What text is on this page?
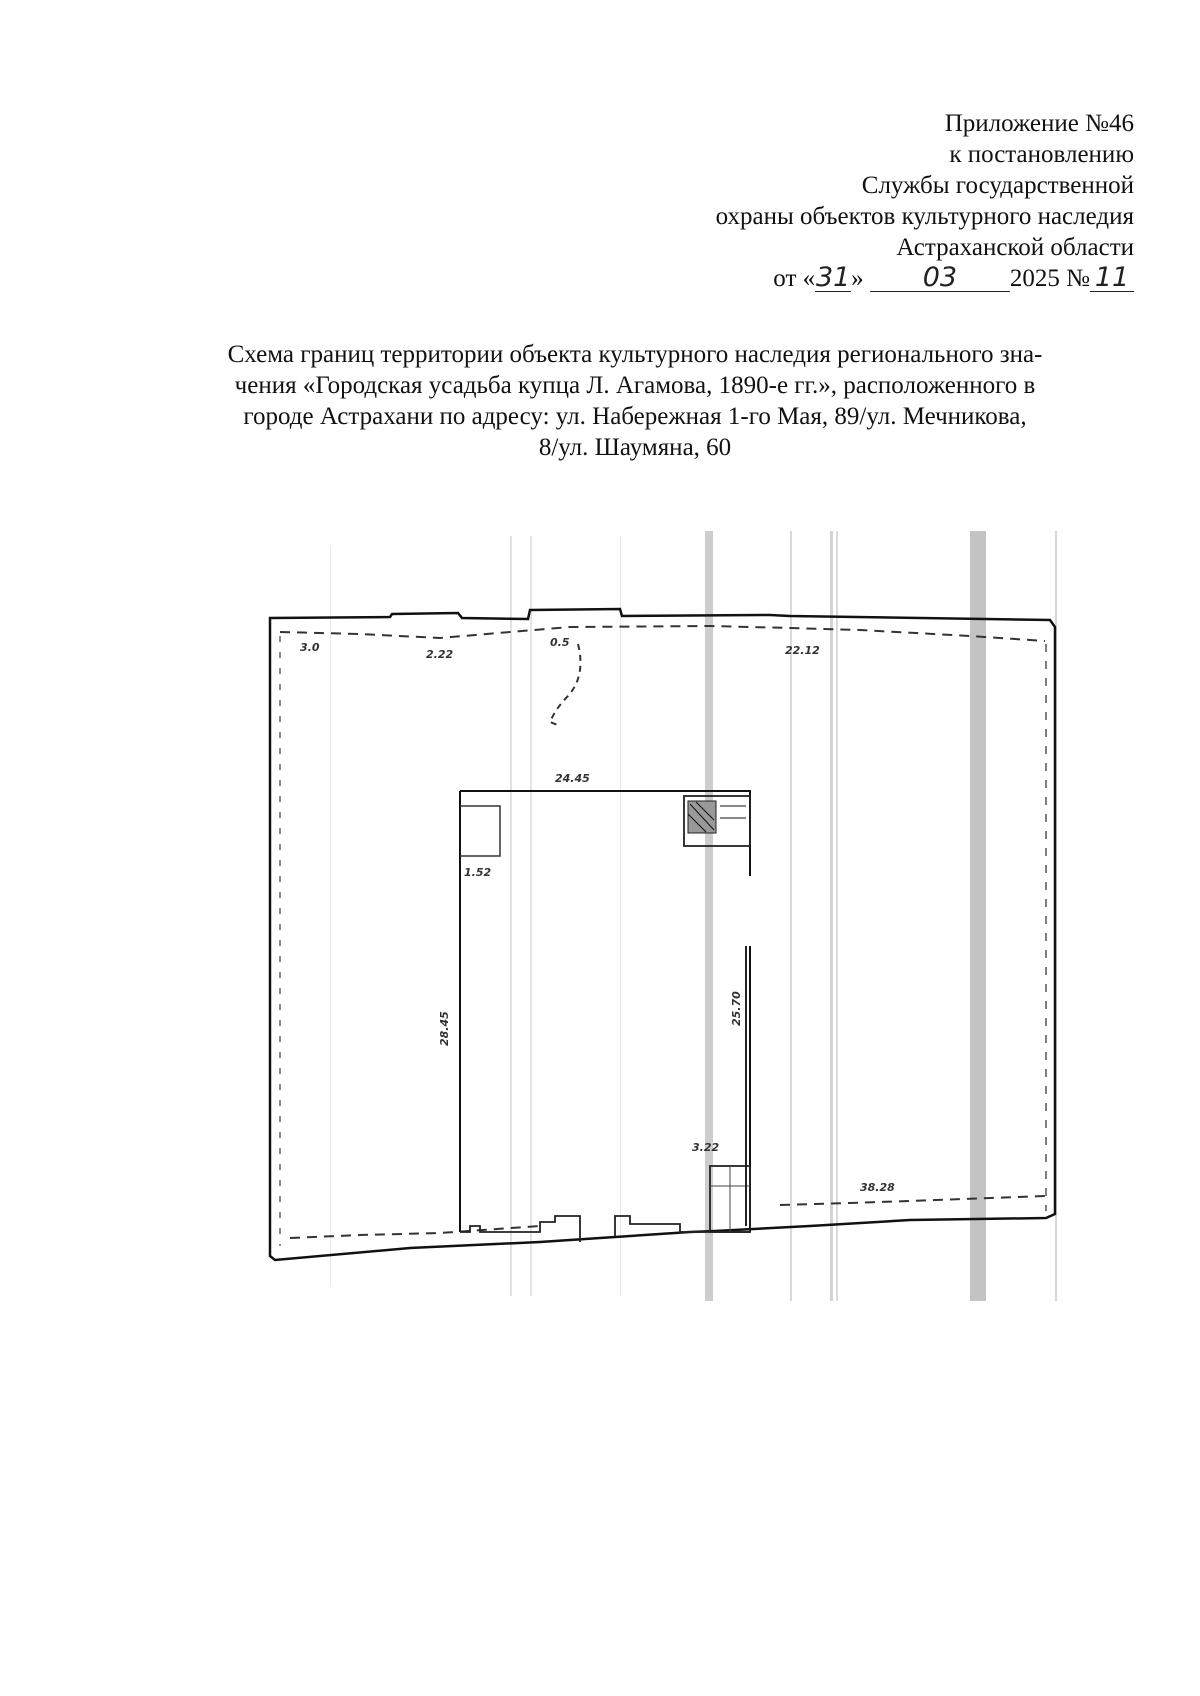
Приложение №46
к постановлению
Службы государственной
охраны объектов культурного наследия
Астраханской области
от «31» 03 2025 № 11
Схема границ территории объекта культурного наследия регионального зна-
чения «Городская усадьба купца Л. Агамова, 1890-е гг.», расположенного в
городе Астрахани по адресу: ул. Набережная 1-го Мая, 89/ул. Мечникова,
8/ул. Шаумяна, 60
3.0
2.22
0.5
22.12
24.45
28.45
25.70
38.28
3.22
1.52
